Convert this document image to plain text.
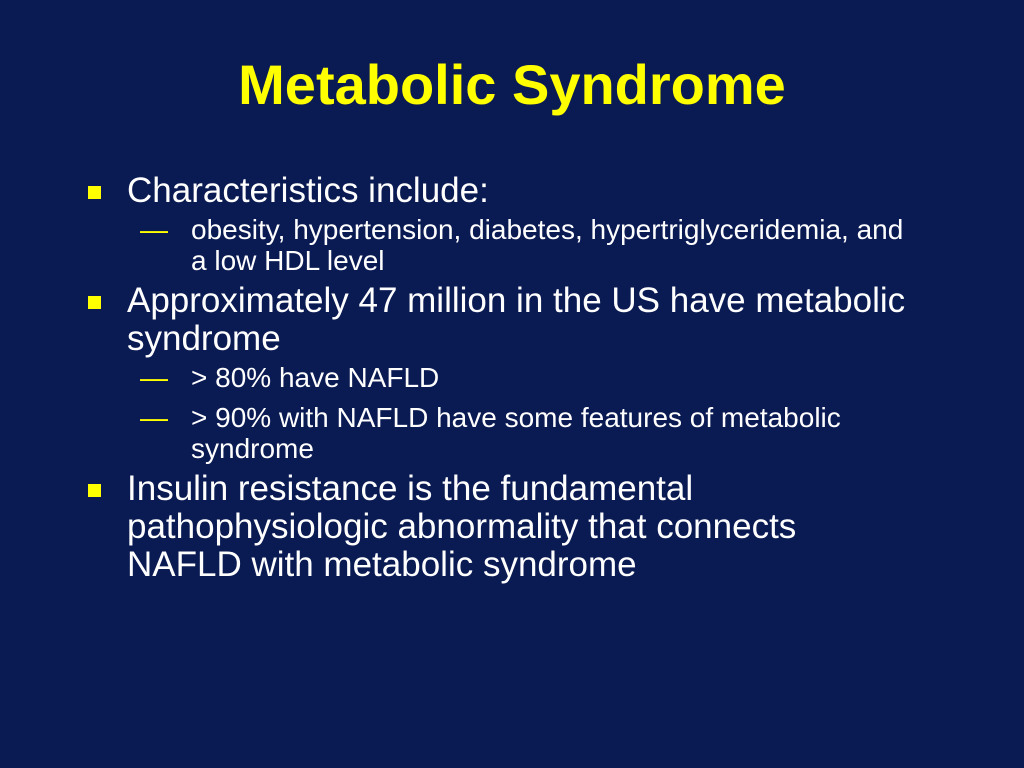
Metabolic Syndrome
Characteristics include:
— obesity, hypertension, diabetes, hypertriglyceridemia, and a low HDL level
Approximately 47 million in the US have metabolic syndrome
— > 80% have NAFLD
— > 90% with NAFLD have some features of metabolic syndrome
Insulin resistance is the fundamental pathophysiologic abnormality that connects NAFLD with metabolic syndrome
